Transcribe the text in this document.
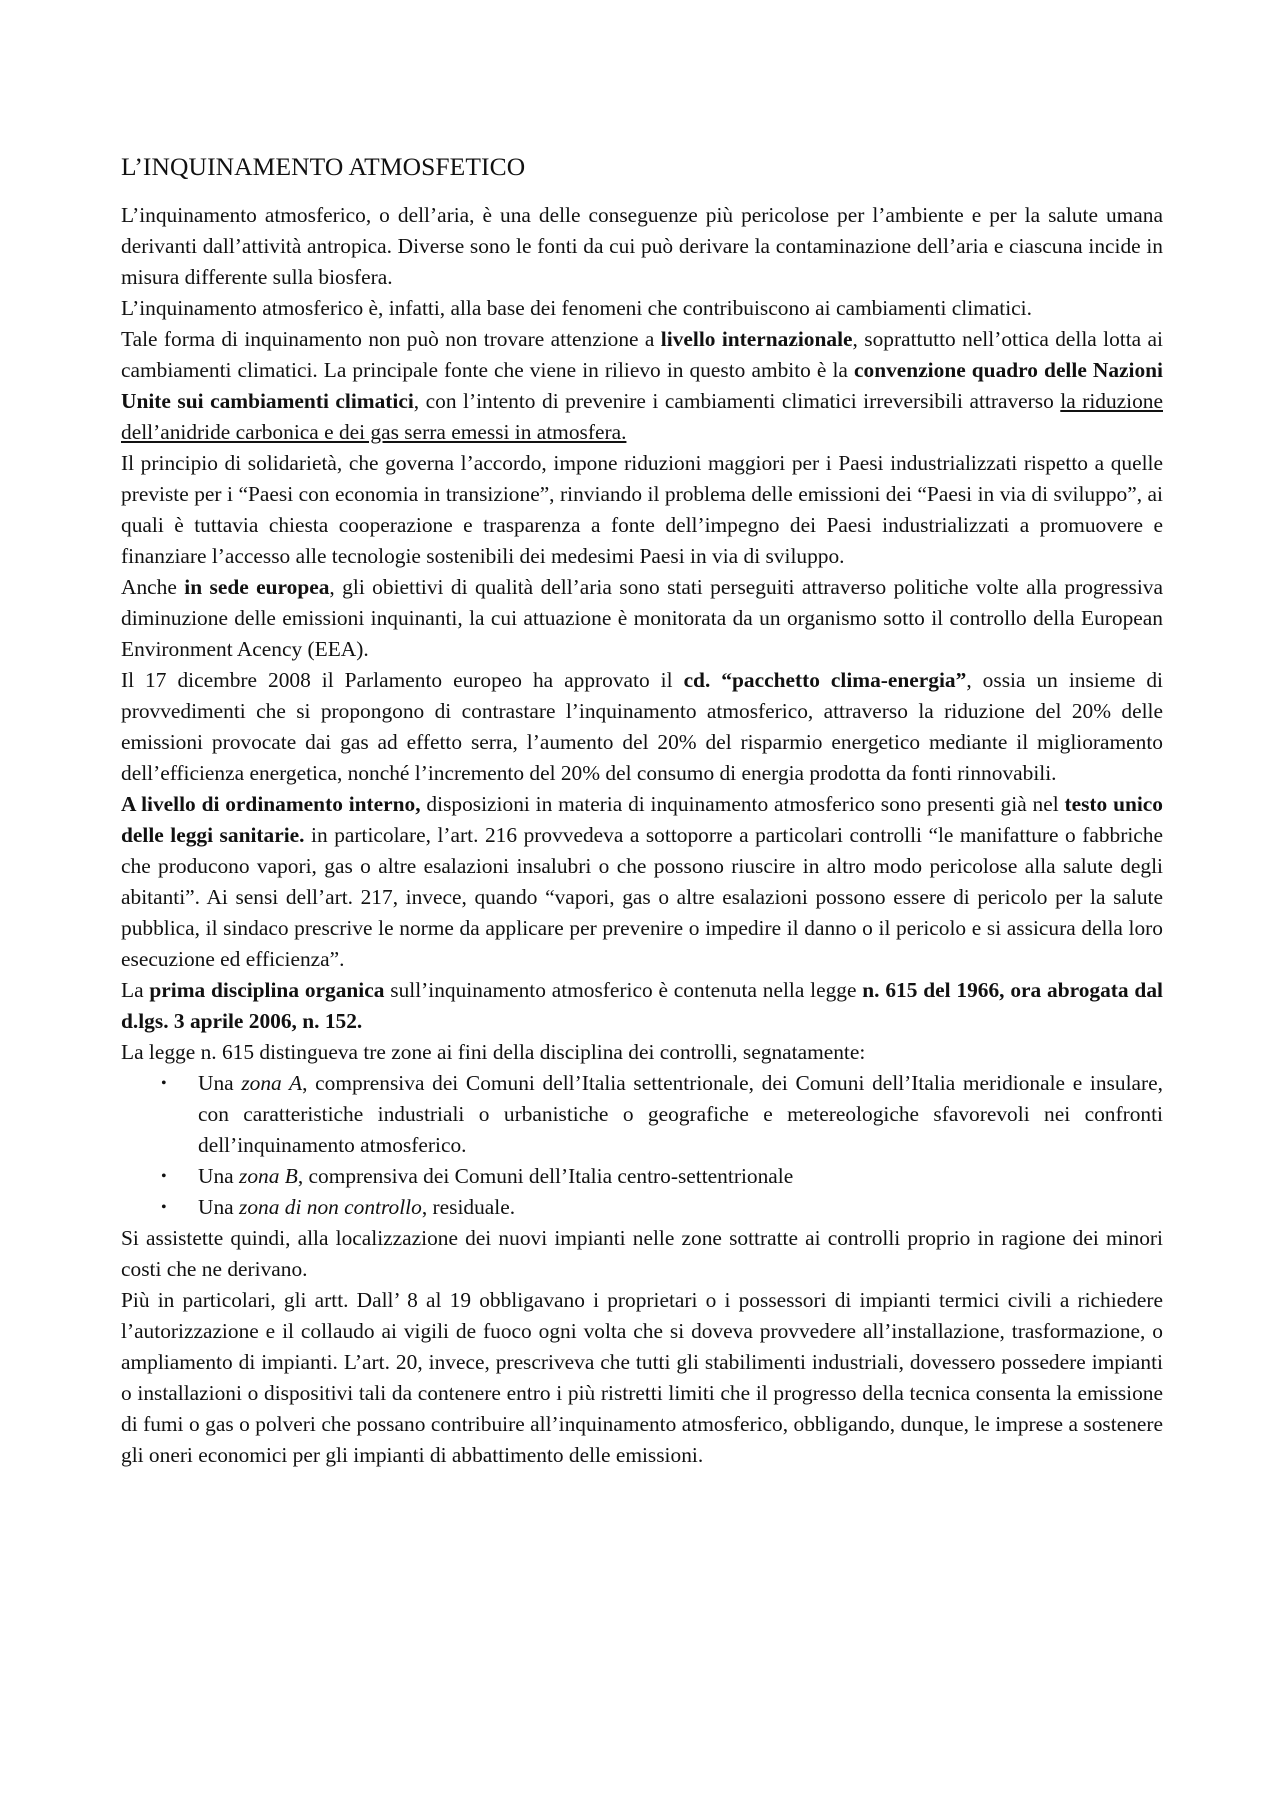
L’INQUINAMENTO ATMOSFETICO

L’inquinamento atmosferico, o dell’aria, è una delle conseguenze più pericolose per l’ambiente e per la salute umana derivanti dall’attività antropica. Diverse sono le fonti da cui può derivare la contaminazione dell’aria e ciascuna incide in misura differente sulla biosfera.

L’inquinamento atmosferico è, infatti, alla base dei fenomeni che contribuiscono ai cambiamenti climatici.

Tale forma di inquinamento non può non trovare attenzione a livello internazionale, soprattutto nell’ottica della lotta ai cambiamenti climatici. La principale fonte che viene in rilievo in questo ambito è la convenzione quadro delle Nazioni Unite sui cambiamenti climatici, con l’intento di prevenire i cambiamenti climatici irreversibili attraverso la riduzione dell’anidride carbonica e dei gas serra emessi in atmosfera.

Il principio di solidarietà, che governa l’accordo, impone riduzioni maggiori per i Paesi industrializzati rispetto a quelle previste per i “Paesi con economia in transizione”, rinviando il problema delle emissioni dei “Paesi in via di sviluppo”, ai quali è tuttavia chiesta cooperazione e trasparenza a fonte dell’impegno dei Paesi industrializzati a promuovere e finanziare l’accesso alle tecnologie sostenibili dei medesimi Paesi in via di sviluppo.

Anche in sede europea, gli obiettivi di qualità dell’aria sono stati perseguiti attraverso politiche volte alla progressiva diminuzione delle emissioni inquinanti, la cui attuazione è monitorata da un organismo sotto il controllo della European Environment Acency (EEA).

Il 17 dicembre 2008 il Parlamento europeo ha approvato il cd. “pacchetto clima-energia”, ossia un insieme di provvedimenti che si propongono di contrastare l’inquinamento atmosferico, attraverso la riduzione del 20% delle emissioni provocate dai gas ad effetto serra, l’aumento del 20% del risparmio energetico mediante il miglioramento dell’efficienza energetica, nonché l’incremento del 20% del consumo di energia prodotta da fonti rinnovabili.

A livello di ordinamento interno, disposizioni in materia di inquinamento atmosferico sono presenti già nel testo unico delle leggi sanitarie. in particolare, l’art. 216 provvedeva a sottoporre a particolari controlli “le manifatture o fabbriche che producono vapori, gas o altre esalazioni insalubri o che possono riuscire in altro modo pericolose alla salute degli abitanti”. Ai sensi dell’art. 217, invece, quando “vapori, gas o altre esalazioni possono essere di pericolo per la salute pubblica, il sindaco prescrive le norme da applicare per prevenire o impedire il danno o il pericolo e si assicura della loro esecuzione ed efficienza”.

La prima disciplina organica sull’inquinamento atmosferico è contenuta nella legge n. 615 del 1966, ora abrogata dal d.lgs. 3 aprile 2006, n. 152.

La legge n. 615 distingueva tre zone ai fini della disciplina dei controlli, segnatamente:

• Una zona A, comprensiva dei Comuni dell’Italia settentrionale, dei Comuni dell’Italia meridionale e insulare, con caratteristiche industriali o urbanistiche o geografiche e metereologiche sfavorevoli nei confronti dell’inquinamento atmosferico.
• Una zona B, comprensiva dei Comuni dell’Italia centro-settentrionale
• Una zona di non controllo, residuale.

Si assistette quindi, alla localizzazione dei nuovi impianti nelle zone sottratte ai controlli proprio in ragione dei minori costi che ne derivano.

Più in particolari, gli artt. Dall’ 8 al 19 obbligavano i proprietari o i possessori di impianti termici civili a richiedere l’autorizzazione e il collaudo ai vigili de fuoco ogni volta che si doveva provvedere all’installazione, trasformazione, o ampliamento di impianti. L’art. 20, invece, prescriveva che tutti gli stabilimenti industriali, dovessero possedere impianti o installazioni o dispositivi tali da contenere entro i più ristretti limiti che il progresso della tecnica consenta la emissione di fumi o gas o polveri che possano contribuire all’inquinamento atmosferico, obbligando, dunque, le imprese a sostenere gli oneri economici per gli impianti di abbattimento delle emissioni.
